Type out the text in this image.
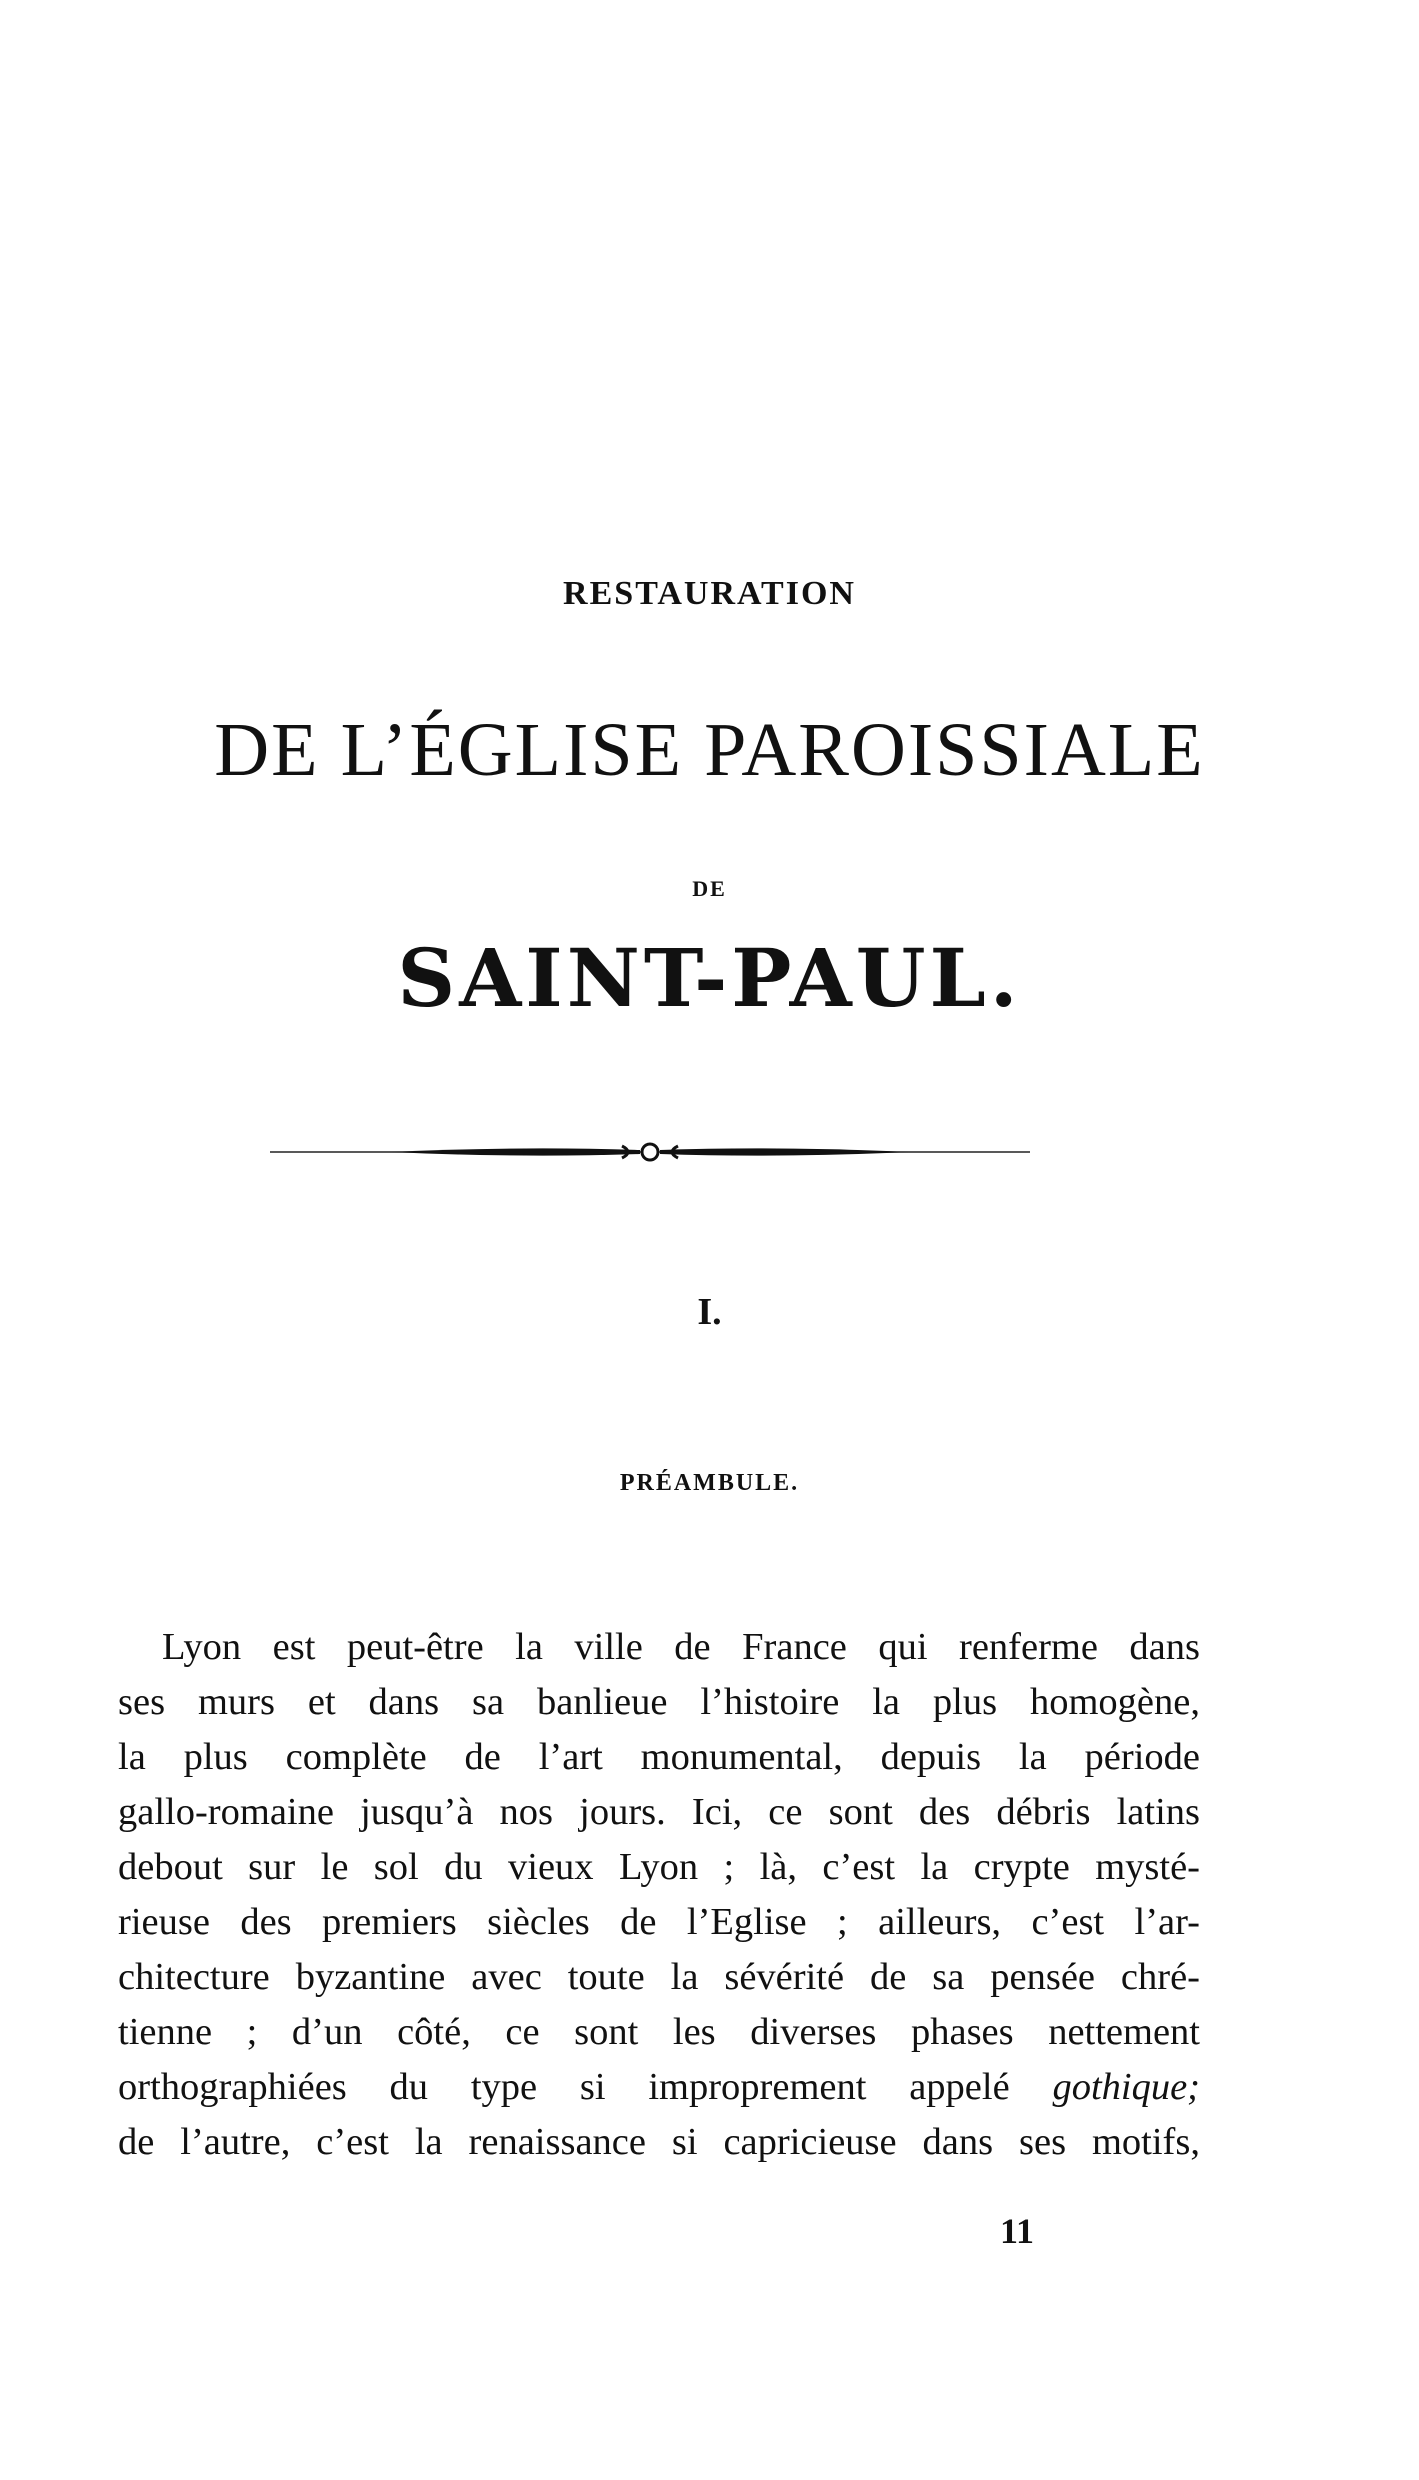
RESTAURATION
DE L’ÉGLISE PAROISSIALE
DE
SAINT-PAUL.
I.
PRÉAMBULE.
Lyon est peut-être la ville de France qui renferme dans
ses murs et dans sa banlieue l’histoire la plus homogène,
la plus complète de l’art monumental, depuis la période
gallo-romaine jusqu’à nos jours. Ici, ce sont des débris latins
debout sur le sol du vieux Lyon ; là, c’est la crypte mysté-
rieuse des premiers siècles de l’Eglise ; ailleurs, c’est l’ar-
chitecture byzantine avec toute la sévérité de sa pensée chré-
tienne ; d’un côté, ce sont les diverses phases nettement
orthographiées du type si improprement appelé gothique;
de l’autre, c’est la renaissance si capricieuse dans ses motifs,
11
